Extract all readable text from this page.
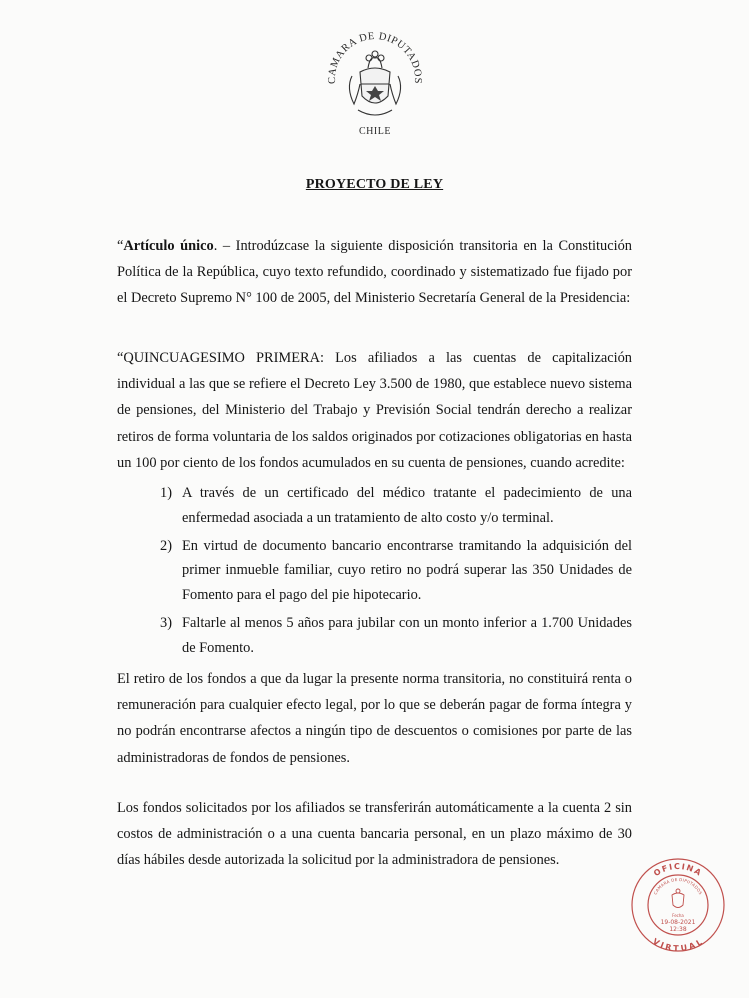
CAMARA DE DIPUTADOS
CHILE
PROYECTO DE LEY

“Artículo único. – Introdúzcase la siguiente disposición transitoria en la Constitución Política de la República, cuyo texto refundido, coordinado y sistematizado fue fijado por el Decreto Supremo N° 100 de 2005, del Ministerio Secretaría General de la Presidencia:

“QUINCUAGESIMO PRIMERA: Los afiliados a las cuentas de capitalización individual a las que se refiere el Decreto Ley 3.500 de 1980, que establece nuevo sistema de pensiones, del Ministerio del Trabajo y Previsión Social tendrán derecho a realizar retiros de forma voluntaria de los saldos originados por cotizaciones obligatorias en hasta un 100 por ciento de los fondos acumulados en su cuenta de pensiones, cuando acredite:

1) A través de un certificado del médico tratante el padecimiento de una enfermedad asociada a un tratamiento de alto costo y/o terminal.
2) En virtud de documento bancario encontrarse tramitando la adquisición del primer inmueble familiar, cuyo retiro no podrá superar las 350 Unidades de Fomento para el pago del pie hipotecario.
3) Faltarle al menos 5 años para jubilar con un monto inferior a 1.700 Unidades de Fomento.

El retiro de los fondos a que da lugar la presente norma transitoria, no constituirá renta o remuneración para cualquier efecto legal, por lo que se deberán pagar de forma íntegra y no podrán encontrarse afectos a ningún tipo de descuentos o comisiones por parte de las administradoras de fondos de pensiones.

Los fondos solicitados por los afiliados se transferirán automáticamente a la cuenta 2 sin costos de administración o a una cuenta bancaria personal, en un plazo máximo de 30 días hábiles desde autorizada la solicitud por la administradora de pensiones.

OFICINA
VIRTUAL
CAMARA DE DIPUTADOS
Fecha
19-08-2021
12:38
